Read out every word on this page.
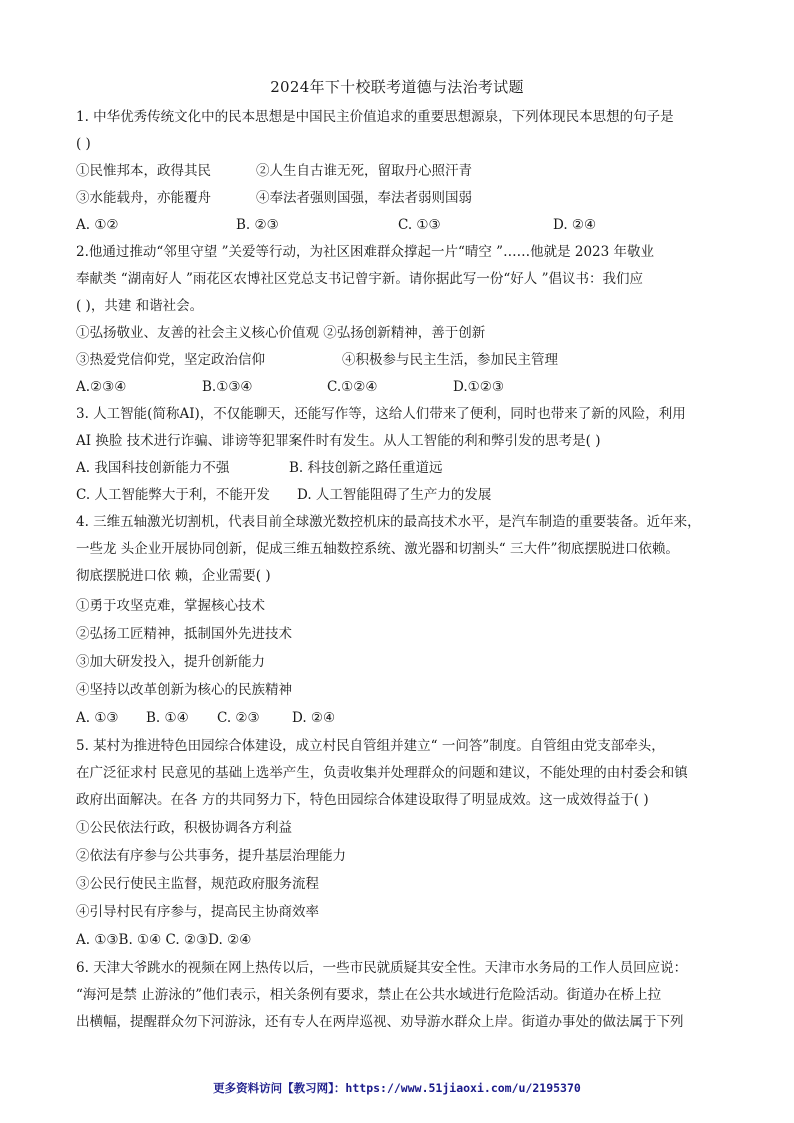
2024年下十校联考道德与法治考试题
1. 中华优秀传统文化中的民本思想是中国民主价值追求的重要思想源泉，下列体现民本思想的句子是
( )
①民惟邦本，政得其民	②人生自古谁无死，留取丹心照汗青
③水能载舟，亦能覆舟	④奉法者强则国强，奉法者弱则国弱
A. ①②	B. ②③	C. ①③	D. ②④
2.他通过推动“邻里守望 ”关爱等行动，为社区困难群众撑起一片“晴空 ”……他就是 2023 年敬业
奉献类 “湖南好人 ”雨花区农博社区党总支书记曾宇新。请你据此写一份“好人 ”倡议书：我们应
( )，共建 和谐社会。
①弘扬敬业、友善的社会主义核心价值观 ②弘扬创新精神，善于创新
③热爱党信仰党，坚定政治信仰	④积极参与民主生活，参加民主管理
A.②③④	B.①③④	C.①②④	D.①②③
3. 人工智能(简称AI)，不仅能聊天，还能写作等，这给人们带来了便利，同时也带来了新的风险，利用
AI 换脸 技术进行诈骗、诽谤等犯罪案件时有发生。从人工智能的利和弊引发的思考是( )
A. 我国科技创新能力不强	B. 科技创新之路任重道远
C. 人工智能弊大于利，不能开发 D. 人工智能阻碍了生产力的发展
4. 三维五轴激光切割机，代表目前全球激光数控机床的最高技术水平，是汽车制造的重要装备。近年来，
一些龙 头企业开展协同创新，促成三维五轴数控系统、激光器和切割头“ 三大件”彻底摆脱进口依赖。
彻底摆脱进口依 赖，企业需要( )
①勇于攻坚克难，掌握核心技术
②弘扬工匠精神，抵制国外先进技术
③加大研发投入，提升创新能力
④坚持以改革创新为核心的民族精神
A. ①③ B. ①④ C. ②③ D. ②④
5. 某村为推进特色田园综合体建设，成立村民自管组并建立“ 一问答”制度。自管组由党支部牵头，
在广泛征求村 民意见的基础上选举产生，负责收集并处理群众的问题和建议，不能处理的由村委会和镇
政府出面解决。在各 方的共同努力下，特色田园综合体建设取得了明显成效。这一成效得益于( )
①公民依法行政，积极协调各方利益
②依法有序参与公共事务，提升基层治理能力
③公民行使民主监督，规范政府服务流程
④引导村民有序参与，提高民主协商效率
A. ①③B. ①④ C. ②③D. ②④
6. 天津大爷跳水的视频在网上热传以后，一些市民就质疑其安全性。天津市水务局的工作人员回应说：
“海河是禁 止游泳的”他们表示，相关条例有要求，禁止在公共水域进行危险活动。街道办在桥上拉
出横幅，提醒群众勿下河游泳，还有专人在两岸巡视、劝导游水群众上岸。街道办事处的做法属于下列
更多资料访问【教习网】：https://www.51jiaoxi.com/u/2195370
